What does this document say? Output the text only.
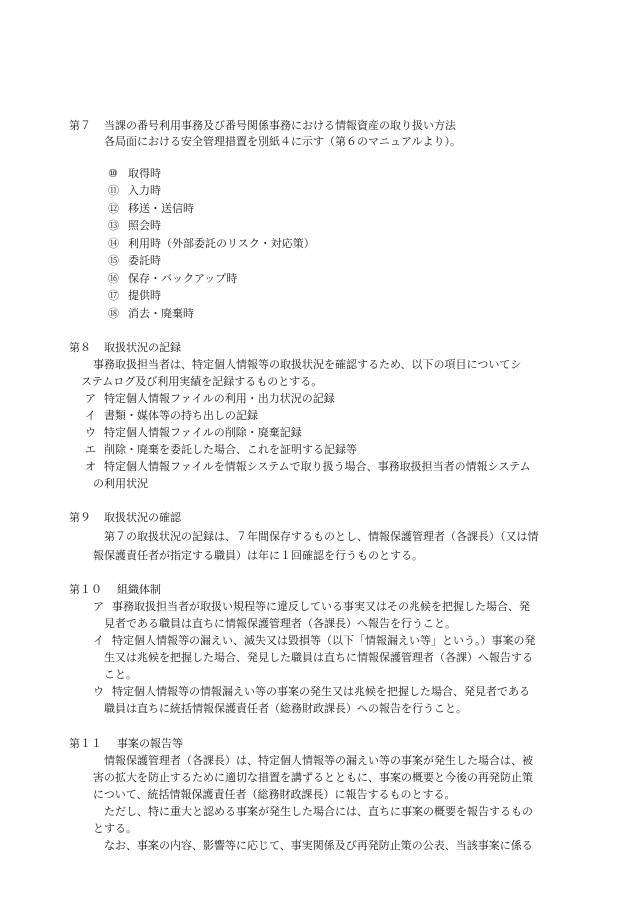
第７ 当課の番号利用事務及び番号関係事務における情報資産の取り扱い方法
各局面における安全管理措置を別紙４に示す（第６のマニュアルより）。
⑩ 取得時
⑪ 入力時
⑫ 移送・送信時
⑬ 照会時
⑭ 利用時（外部委託のリスク・対応策）
⑮ 委託時
⑯ 保存・バックアップ時
⑰ 提供時
⑱ 消去・廃棄時
第８ 取扱状況の記録
事務取扱担当者は、特定個人情報等の取扱状況を確認するため、以下の項目についてシ
ステムログ及び利用実績を記録するものとする。
ア 特定個人情報ファイルの利用・出力状況の記録
イ 書類・媒体等の持ち出しの記録
ウ 特定個人情報ファイルの削除・廃棄記録
エ 削除・廃棄を委託した場合、これを証明する記録等
オ 特定個人情報ファイルを情報システムで取り扱う場合、事務取扱担当者の情報システム
の利用状況
第９ 取扱状況の確認
第７の取扱状況の記録は、７年間保存するものとし、情報保護管理者（各課長）（又は情
報保護責任者が指定する職員）は年に１回確認を行うものとする。
第１０ 組織体制
ア 事務取扱担当者が取扱い規程等に違反している事実又はその兆候を把握した場合、発
見者である職員は直ちに情報保護管理者（各課長）へ報告を行うこと。
イ 特定個人情報等の漏えい、滅失又は毀損等（以下「情報漏えい等」という。）事案の発
生又は兆候を把握した場合、発見した職員は直ちに情報保護管理者（各課）へ報告する
こと。
ウ 特定個人情報等の情報漏えい等の事案の発生又は兆候を把握した場合、発見者である
職員は直ちに統括情報保護責任者（総務財政課長）への報告を行うこと。
第１１ 事案の報告等
情報保護管理者（各課長）は、特定個人情報等の漏えい等の事案が発生した場合は、被
害の拡大を防止するために適切な措置を講ずるとともに、事案の概要と今後の再発防止策
について、統括情報保護責任者（総務財政課長）に報告するものとする。
ただし、特に重大と認める事案が発生した場合には、直ちに事案の概要を報告するもの
とする。
なお、事案の内容、影響等に応じて、事実関係及び再発防止策の公表、当該事案に係る
